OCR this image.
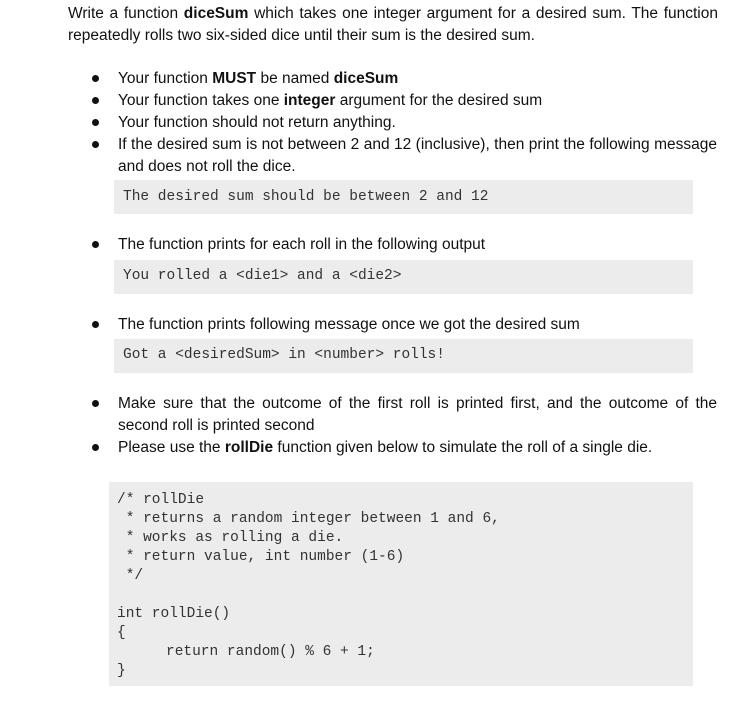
Write a function diceSum which takes one integer argument for a desired sum. The function repeatedly rolls two six-sided dice until their sum is the desired sum.

Your function MUST be named diceSum
Your function takes one integer argument for the desired sum
Your function should not return anything.
If the desired sum is not between 2 and 12 (inclusive), then print the following message and does not roll the dice.
The desired sum should be between 2 and 12
The function prints for each roll in the following output
You rolled a <die1> and a <die2>
The function prints following message once we got the desired sum
Got a <desiredSum> in <number> rolls!
Make sure that the outcome of the first roll is printed first, and the outcome of the second roll is printed second
Please use the rollDie function given below to simulate the roll of a single die.
/* rollDie
* returns a random integer between 1 and 6,
* works as rolling a die.
* return value, int number (1-6)
*/
int rollDie()
{
return random() % 6 + 1;
}
